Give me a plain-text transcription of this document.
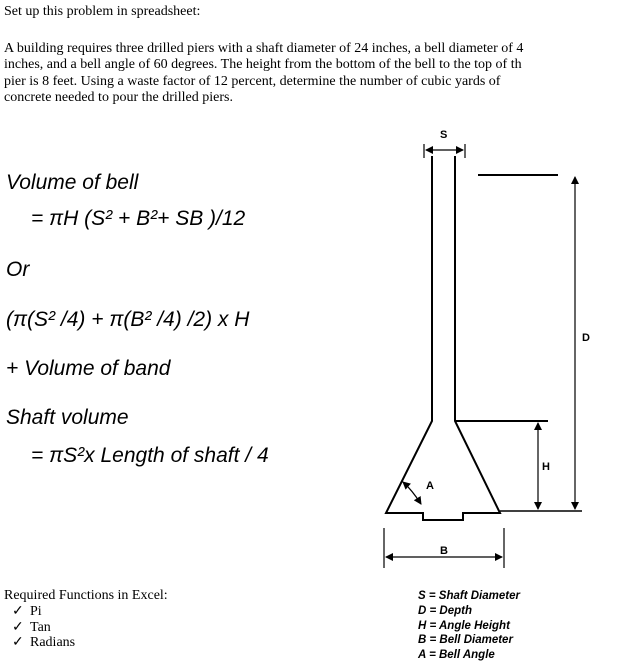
Set up this problem in spreadsheet:
A building requires three drilled piers with a shaft diameter of 24 inches, a bell diameter of 4
inches, and a bell angle of 60 degrees. The height from the bottom of the bell to the top of th
pier is 8 feet. Using a waste factor of 12 percent, determine the number of cubic yards of
concrete needed to pour the drilled piers.
Volume of bell
= πH (S² + B²+ SB )/12
Or
(π(S² /4) + π(B² /4) /2) x H
+ Volume of band
Shaft volume
= πS²x Length of shaft / 4
Required Functions in Excel:
✓ Pi
✓ Tan
✓ Radians
S
D
H
A
B
S = Shaft Diameter
D = Depth
H = Angle Height
B = Bell Diameter
A = Bell Angle
